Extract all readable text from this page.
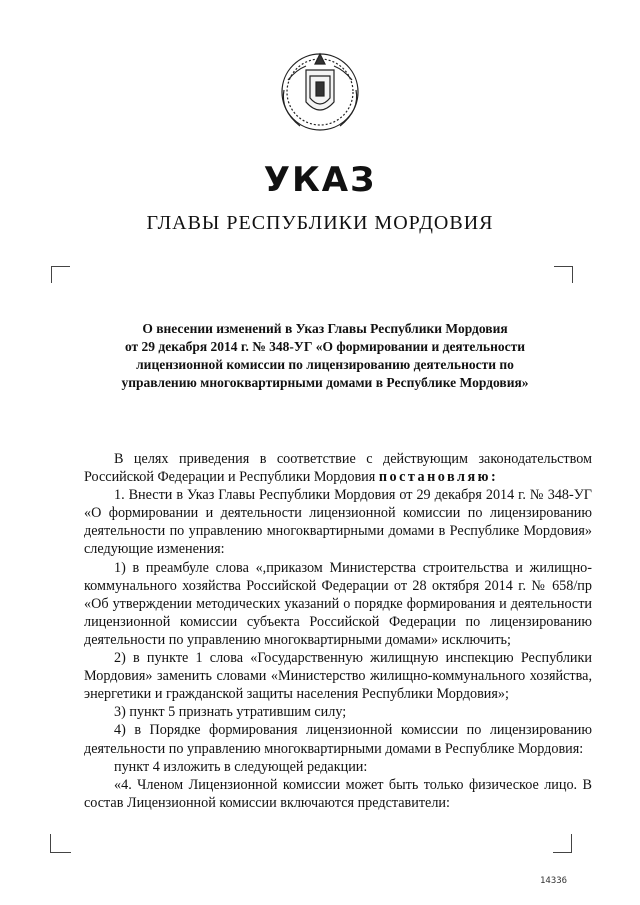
УКАЗ
ГЛАВЫ РЕСПУБЛИКИ МОРДОВИЯ
О внесении изменений в Указ Главы Республики Мордовия
от 29 декабря 2014 г. № 348-УГ «О формировании и деятельности
лицензионной комиссии по лицензированию деятельности по
управлению многоквартирными домами в Республике Мордовия»

В целях приведения в соответствие с действующим законодательством Российской Федерации и Республики Мордовия постановляю:

1. Внести в Указ Главы Республики Мордовия от 29 декабря 2014 г. № 348-УГ «О формировании и деятельности лицензионной комиссии по лицензированию деятельности по управлению многоквартирными домами в Республике Мордовия» следующие изменения:

1) в преамбуле слова «,приказом Министерства строительства и жилищно-коммунального хозяйства Российской Федерации от 28 октября 2014 г. № 658/пр «Об утверждении методических указаний о порядке формирования и деятельности лицензионной комиссии субъекта Российской Федерации по лицензированию деятельности по управлению многоквартирными домами» исключить;

2) в пункте 1 слова «Государственную жилищную инспекцию Республики Мордовия» заменить словами «Министерство жилищно-коммунального хозяйства, энергетики и гражданской защиты населения Республики Мордовия»;

3) пункт 5 признать утратившим силу;

4) в Порядке формирования лицензионной комиссии по лицензированию деятельности по управлению многоквартирными домами в Республике Мордовия:

пункт 4 изложить в следующей редакции:

«4. Членом Лицензионной комиссии может быть только физическое лицо. В состав Лицензионной комиссии включаются представители:

14336
